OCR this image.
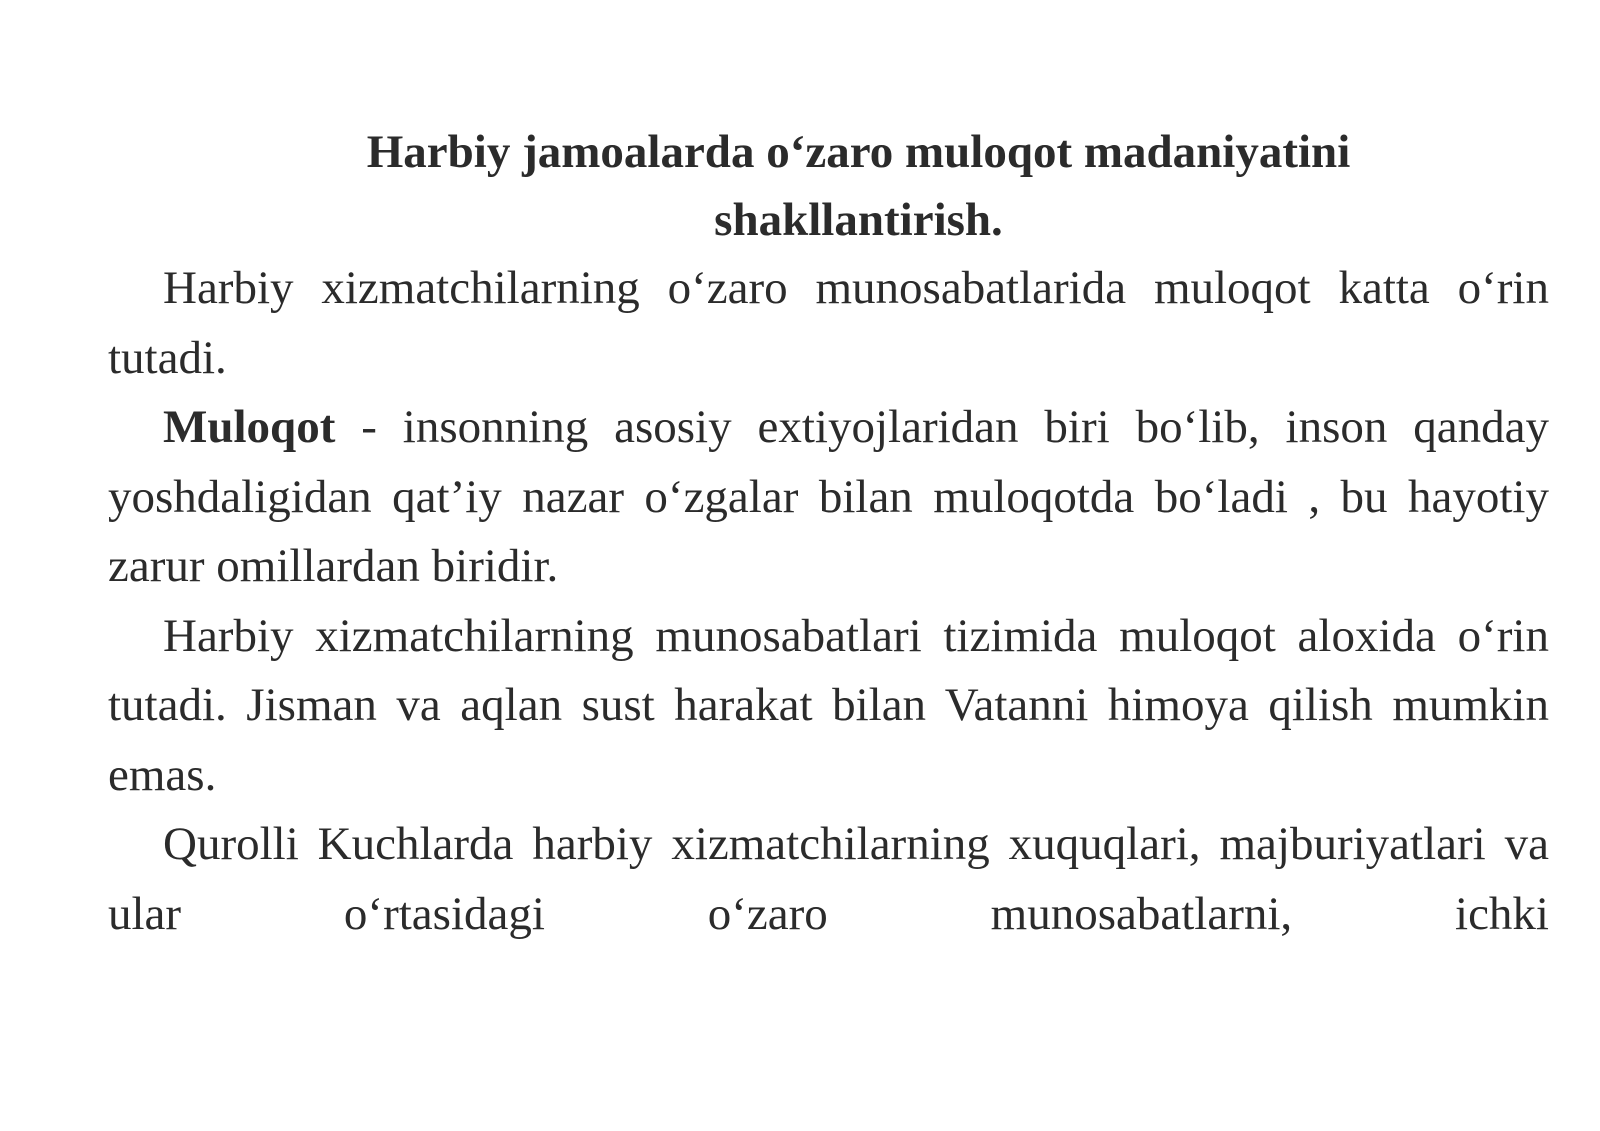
Harbiy jamoalarda o‘zaro muloqot madaniyatini
shakllantirish.

Harbiy xizmatchilarning o‘zaro munosabatlarida muloqot katta o‘rin tutadi.

Muloqot - insonning asosiy extiyojlaridan biri bo‘lib, inson qanday yoshdaligidan qat’iy nazar o‘zgalar bilan muloqotda bo‘ladi , bu hayotiy zarur omillardan biridir.

Harbiy xizmatchilarning munosabatlari tizimida muloqot aloxida o‘rin tutadi. Jisman va aqlan sust harakat bilan Vatanni himoya qilish mumkin emas.

Qurolli Kuchlarda harbiy xizmatchilarning xuquqlari, majburiyatlari va ular o‘rtasidagi o‘zaro munosabatlarni, ichki
